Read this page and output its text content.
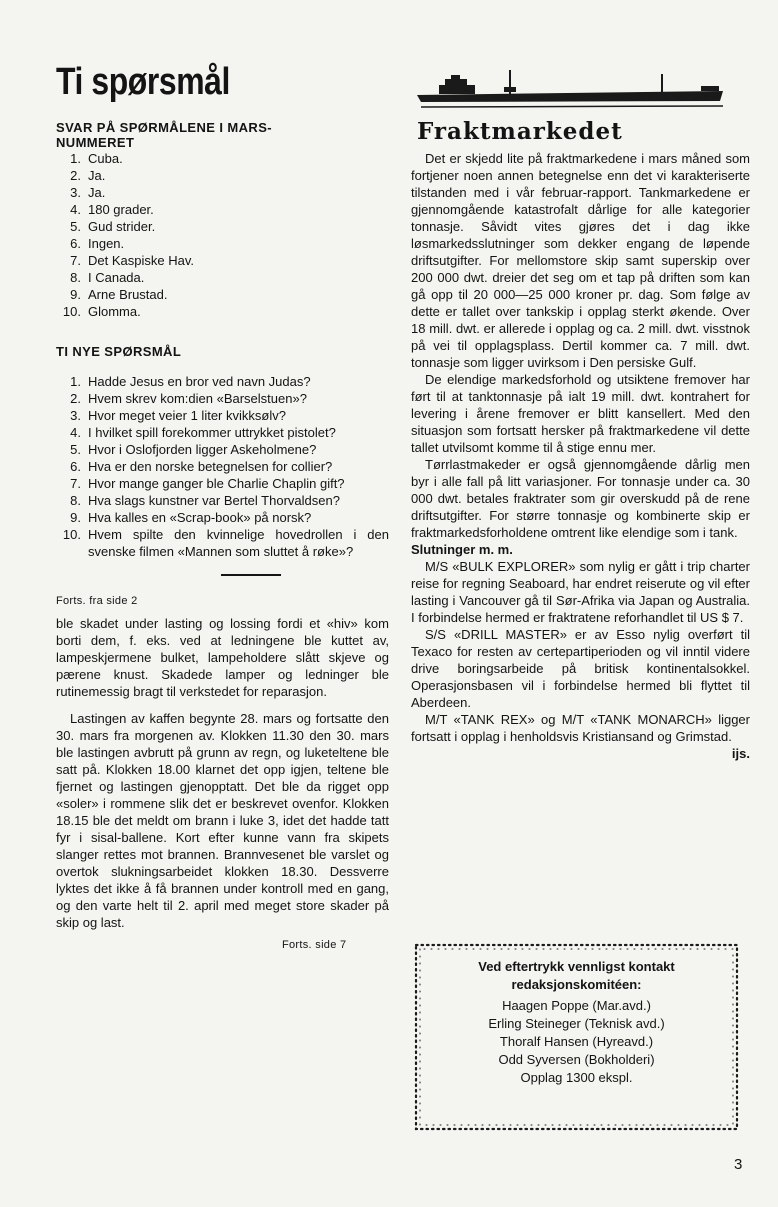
Ti spørsmål
SVAR PÅ SPØRMÅLENE I MARS-
NUMMERET
1. Cuba.
2. Ja.
3. Ja.
4. 180 grader.
5. Gud strider.
6. Ingen.
7. Det Kaspiske Hav.
8. I Canada.
9. Arne Brustad.
10. Glomma.
TI NYE SPØRSMÅL
1. Hadde Jesus en bror ved navn Judas?
2. Hvem skrev kom:dien «Barselstuen»?
3. Hvor meget veier 1 liter kvikksølv?
4. I hvilket spill forekommer uttrykket pistolet?
5. Hvor i Oslofjorden ligger Askeholmene?
6. Hva er den norske betegnelsen for collier?
7. Hvor mange ganger ble Charlie Chaplin gift?
8. Hva slags kunstner var Bertel Thorvaldsen?
9. Hva kalles en «Scrap-book» på norsk?
10. Hvem spilte den kvinnelige hovedrollen i den svenske filmen «Mannen som sluttet å røke»?
Forts. fra side 2

ble skadet under lasting og lossing fordi et «hiv» kom borti dem, f. eks. ved at ledningene ble kuttet av, lampeskjermene bulket, lampeholdere slått skjeve og pærene knust. Skadede lamper og ledninger ble rutinemessig bragt til verkstedet for reparasjon.

Lastingen av kaffen begynte 28. mars og fortsatte den 30. mars fra morgenen av. Klokken 11.30 den 30. mars ble lastingen avbrutt på grunn av regn, og luketeltene ble satt på. Klokken 18.00 klarnet det opp igjen, teltene ble fjernet og lastingen gjenopptatt. Det ble da rigget opp «soler» i rommene slik det er beskrevet ovenfor. Klokken 18.15 ble det meldt om brann i luke 3, idet det hadde tatt fyr i sisal-ballene. Kort efter kunne vann fra skipets slanger rettes mot brannen. Brannvesenet ble varslet og overtok slukningsarbeidet klokken 18.30. Dessverre lyktes det ikke å få brannen under kontroll med en gang, og den varte helt til 2. april med meget store skader på skip og last.

Forts. side 7
Fraktmarkedet

Det er skjedd lite på fraktmarkedene i mars måned som fortjener noen annen betegnelse enn det vi karakteriserte tilstanden med i vår februar-rapport. Tankmarkedene er gjennomgående katastrofalt dårlige for alle kategorier tonnasje. Såvidt vites gjøres det i dag ikke løsmarkedsslutninger som dekker engang de løpende driftsutgifter. For mellomstore skip samt superskip over 200 000 dwt. dreier det seg om et tap på driften som kan gå opp til 20 000—25 000 kroner pr. dag. Som følge av dette er tallet over tankskip i opplag sterkt økende. Over 18 mill. dwt. er allerede i opplag og ca. 2 mill. dwt. visstnok på vei til opplagsplass. Dertil kommer ca. 7 mill. dwt. tonnasje som ligger uvirksom i Den persiske Gulf.

De elendige markedsforhold og utsiktene fremover har ført til at tanktonnasje på ialt 19 mill. dwt. kontrahert for levering i årene fremover er blitt kansellert. Med den situasjon som fortsatt hersker på fraktmarkedene vil dette tallet utvilsomt komme til å stige ennu mer.

Tørrlastmakeder er også gjennomgående dårlig men byr i alle fall på litt variasjoner. For tonnasje under ca. 30 000 dwt. betales fraktrater som gir overskudd på de rene driftsutgifter. For større tonnasje og kombinerte skip er fraktmarkedsforholdene omtrent like elendige som i tank.

Slutninger m. m.

M/S «BULK EXPLORER» som nylig er gått i trip charter reise for regning Seaboard, har endret reiserute og vil efter lasting i Vancouver gå til Sør-Afrika via Japan og Australia. I forbindelse hermed er fraktratene reforhandlet til US $ 7.

S/S «DRILL MASTER» er av Esso nylig overført til Texaco for resten av certepartiperioden og vil inntil videre drive boringsarbeide på britisk kontinentalsokkel. Operasjonsbasen vil i forbindelse hermed bli flyttet til Aberdeen.

M/T «TANK REX» og M/T «TANK MONARCH» ligger fortsatt i opplag i henholdsvis Kristiansand og Grimstad.
ijs.

Ved eftertrykk vennligst kontakt
redaksjonskomitéen:
Haagen Poppe (Mar.avd.)
Erling Steineger (Teknisk avd.)
Thoralf Hansen (Hyreavd.)
Odd Syversen (Bokholderi)
Opplag 1300 ekspl.
3
